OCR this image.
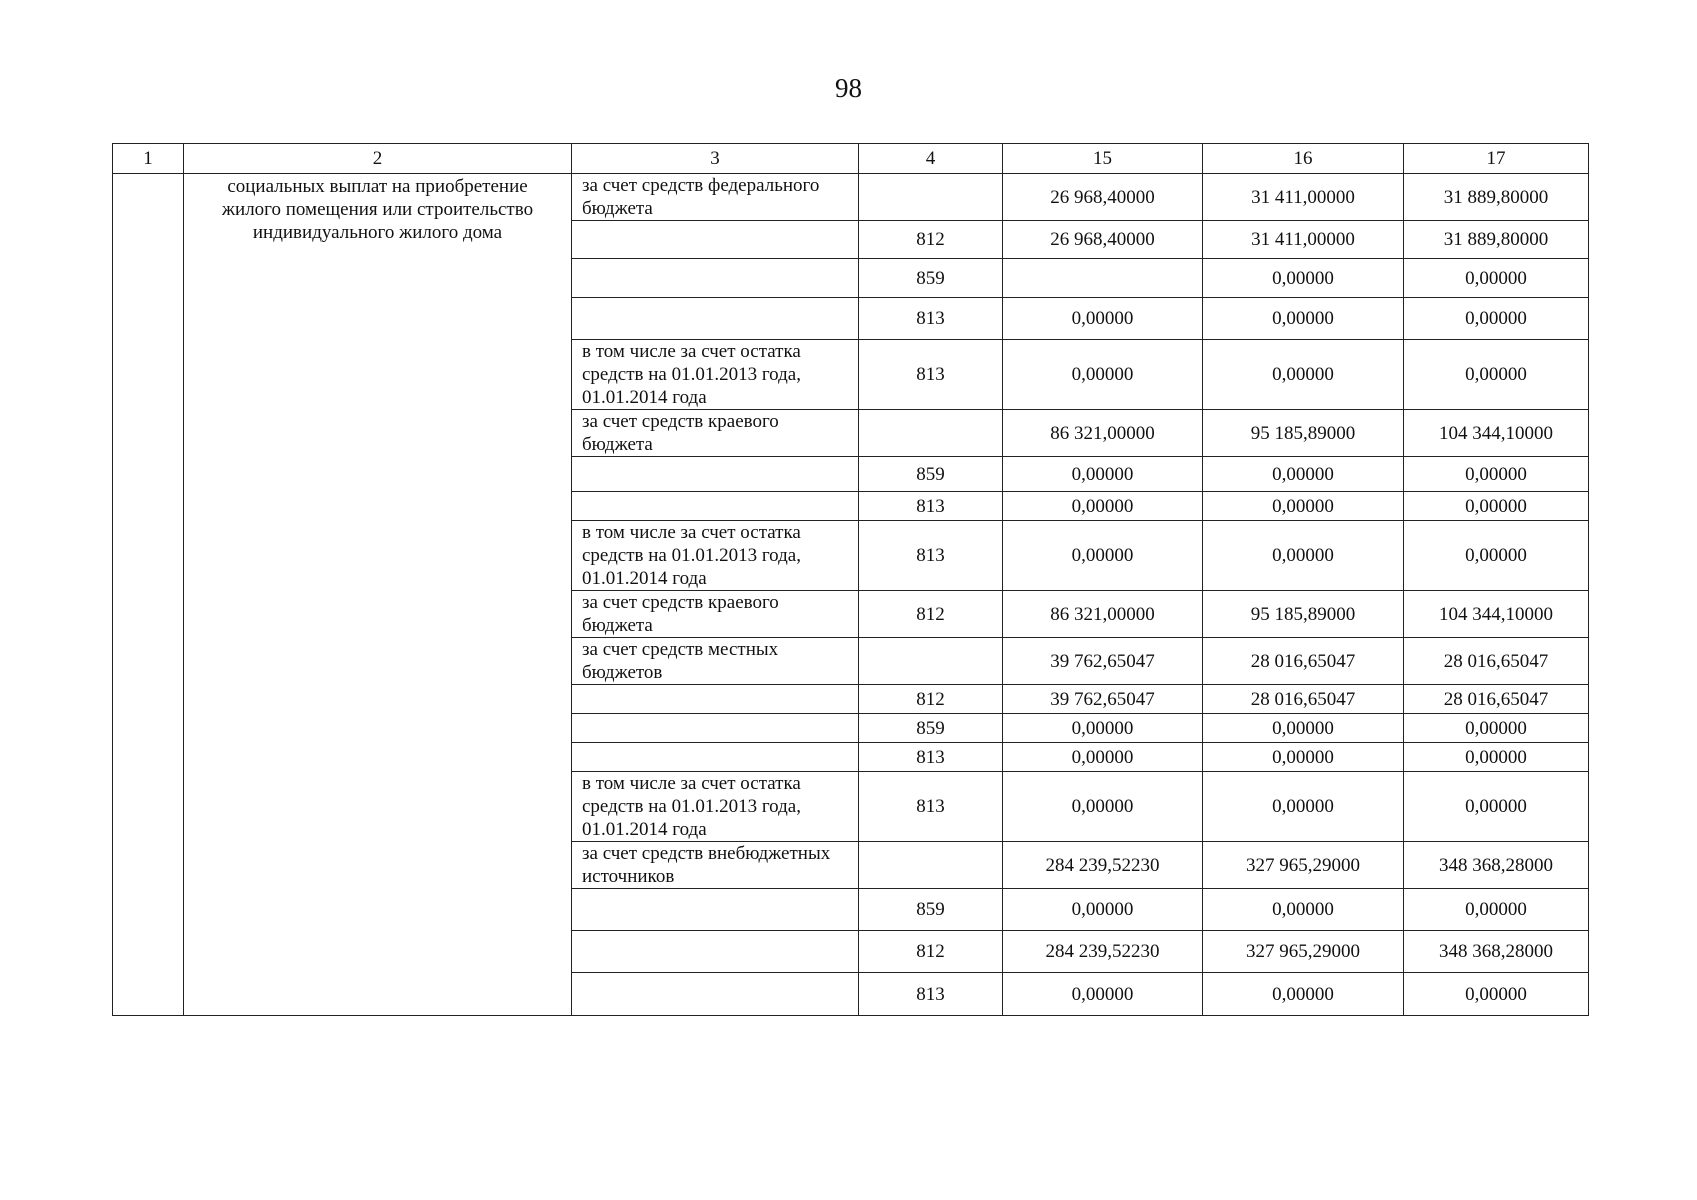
98
1	2	3	4	15	16	17
	социальных выплат на приобретение жилого помещения или строительство индивидуального жилого дома	за счет средств федерального бюджета		26 968,40000	31 411,00000	31 889,80000
			812	26 968,40000	31 411,00000	31 889,80000
			859		0,00000	0,00000
			813	0,00000	0,00000	0,00000
		в том числе за счет остатка средств на 01.01.2013 года, 01.01.2014 года	813	0,00000	0,00000	0,00000
		за счет средств краевого бюджета		86 321,00000	95 185,89000	104 344,10000
			859	0,00000	0,00000	0,00000
			813	0,00000	0,00000	0,00000
		в том числе за счет остатка средств на 01.01.2013 года, 01.01.2014 года	813	0,00000	0,00000	0,00000
		за счет средств краевого бюджета	812	86 321,00000	95 185,89000	104 344,10000
		за счет средств местных бюджетов		39 762,65047	28 016,65047	28 016,65047
			812	39 762,65047	28 016,65047	28 016,65047
			859	0,00000	0,00000	0,00000
			813	0,00000	0,00000	0,00000
		в том числе за счет остатка средств на 01.01.2013 года, 01.01.2014 года	813	0,00000	0,00000	0,00000
		за счет средств внебюджетных источников		284 239,52230	327 965,29000	348 368,28000
			859	0,00000	0,00000	0,00000
			812	284 239,52230	327 965,29000	348 368,28000
			813	0,00000	0,00000	0,00000
